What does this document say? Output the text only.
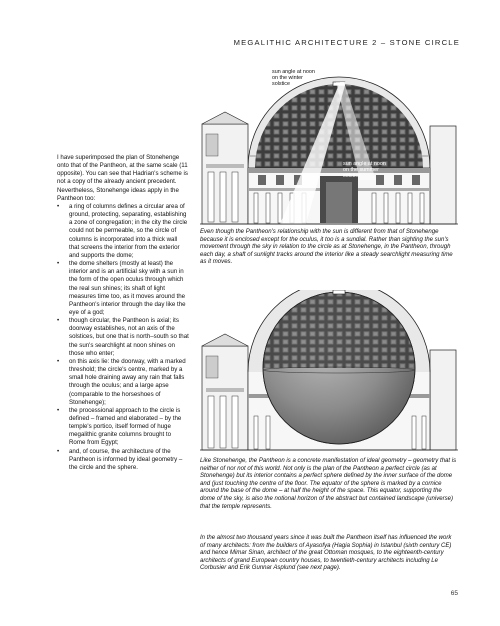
MEGALITHIC ARCHITECTURE 2 – STONE CIRCLE

I have superimposed the plan of Stonehenge onto that of the Pantheon, at the same scale (11 opposite). You can see that Hadrian's scheme is not a copy of the already ancient precedent. Nevertheless, Stonehenge ideas apply in the Pantheon too:

• a ring of columns defines a circular area of ground, protecting, separating, establishing a zone of congregation; in the city the circle could not be permeable, so the circle of columns is incorporated into a thick wall that screens the interior from the exterior and supports the dome;
• the dome shelters (mostly at least) the interior and is an artificial sky with a sun in the form of the open oculus through which the real sun shines; its shaft of light measures time too, as it moves around the Pantheon's interior through the day like the eye of a god;
• though circular, the Pantheon is axial; its doorway establishes, not an axis of the solstices, but one that is north–south so that the sun's searchlight at noon shines on those who enter;
• on this axis lie: the doorway, with a marked threshold; the circle's centre, marked by a small hole draining away any rain that falls through the oculus; and a large apse (comparable to the horseshoes of Stonehenge);
• the processional approach to the circle is defined – framed and elaborated – by the temple's portico, itself formed of huge megalithic granite columns brought to Rome from Egypt;
• and, of course, the architecture of the Pantheon is informed by ideal geometry – the circle and the sphere.
sun angle at noon
on the winter
solstice
sun angle at noon
on the summer
solstice
Even though the Pantheon's relationship with the sun is different from that of Stonehenge because it is enclosed except for the oculus, it too is a sundial. Rather than sighting the sun's movement through the sky in relation to the circle as at Stonehenge, in the Pantheon, through each day, a shaft of sunlight tracks around the interior like a steady searchlight measuring time as it moves.
Like Stonehenge, the Pantheon is a concrete manifestation of ideal geometry – geometry that is neither of nor not of this world. Not only is the plan of the Pantheon a perfect circle (as at Stonehenge) but its interior contains a perfect sphere defined by the inner surface of the dome and (just touching the centre of the floor. The equator of the sphere is marked by a cornice around the base of the dome – at half the height of the space. This equator, supporting the dome of the sky, is also the notional horizon of the abstract but contained landscape (universe) that the temple represents.
In the almost two thousand years since it was built the Pantheon itself has influenced the work of many architects: from the builders of Ayasofya (Hagia Sophia) in Istanbul (sixth century CE) and hence Mimar Sinan, architect of the great Ottoman mosques, to the eighteenth-century architects of grand European country houses, to twentieth-century architects including Le Corbusier and Erik Gunnar Asplund (see next page).
65
